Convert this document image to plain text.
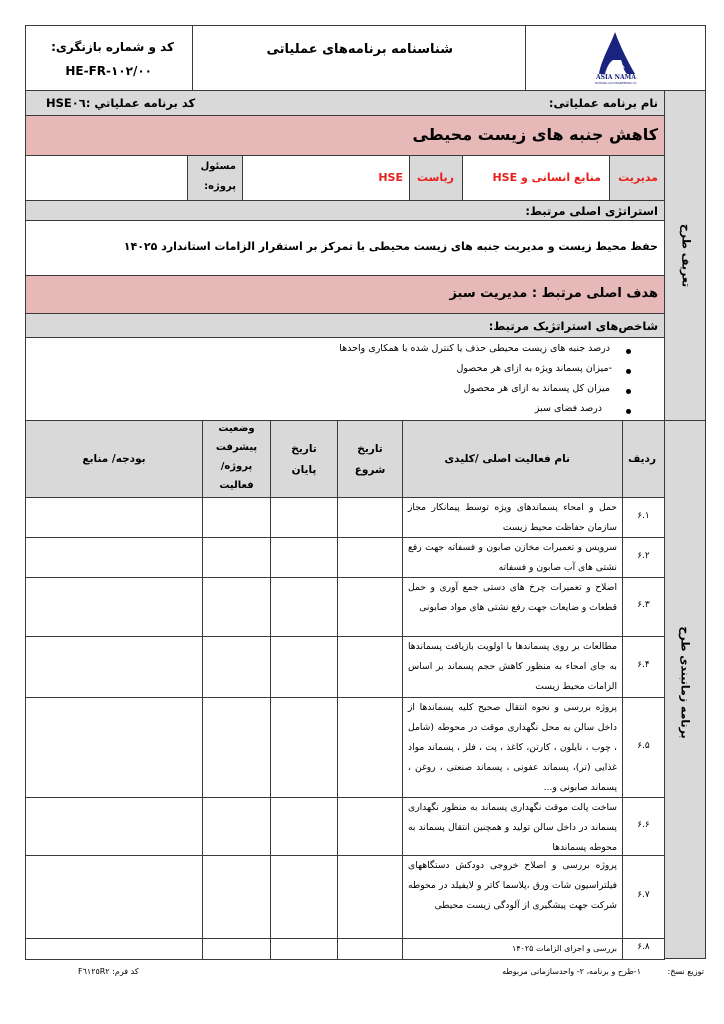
کد و شماره بازنگری:
HE-FR-۱۰۲/۰۰
شناسنامه برنامه‌های عملیاتی
ASIA NAMA
NATIONAL GAS ENGINEERING CO.
تعریف طرح
نام برنامه عملیاتی:
کد برنامه عملیاتي :HSE۰٦
کاهش جنبه های زیست محیطی
مسئول
پروژه:
HSE ریاست	منابع انسانی و HSE مدیریت
استراتژی اصلی مرتبط:
حفظ محیط زیست و مدیریت جنبه های زیست محیطی با تمرکز بر استقرار الزامات استاندارد ۱۴۰۲۵
هدف اصلی مرتبط : مدیریت سبز
شاخص‌های استراتژیک مرتبط:
درصد جنبه های زیست محیطی حذف یا کنترل شده با همکاری واحدها
-میزان پسماند ویژه به ازای هر محصول
میزان کل پسماند به ازای هر محصول
درصد فضای سبز
برنامه زمانبندی طرح
ردیف
نام فعالیت اصلی /کلیدی
تاریخ
شروع
تاریخ
پایان
وضعیت
پیشرفت
پروژه/
فعالیت
بودجه/ منابع
۶.۱
حمل و امحاء پسماندهای ویژه توسط پیمانکار مجاز سازمان حفاظت محیط زیست
۶.۲
سرویس و تعمیرات مخازن صابون و فسفاته جهت رفع نشتی های آب صابون و فسفاته
۶.۳
اصلاح و تعمیرات چرخ های دستی جمع آوری و حمل قطعات و ضایعات جهت رفع نشتی های مواد صابونی
۶.۴
مطالعات بر روی پسماندها با اولویت بازیافت پسماندها به جای امحاء به منظور کاهش حجم پسماند بر اساس الزامات محیط زیست
۶.۵
پروژه بررسی و نحوه انتقال صحیح کلیه پسماندها از داخل سالن به محل نگهداری موقت در محوطه (شامل ، چوب ، نایلون ، کارتن، کاغذ ، پت ، فلز ، پسماند مواد غذایی (تر)، پسماند عفونی ، پسماند صنعتی ، روغن ، پسماند صابونی و...
۶.۶
ساخت پالت موقت نگهداری پسماند به منظور نگهداری پسماند در داخل سالن تولید و همچنین انتقال پسماند به محوطه پسماندها
۶.۷
پروژه بررسی و اصلاح خروجی دودکش دستگاههای فیلتراسیون شات ورق ،پلاسما کاتر و لایفیلد در محوطه شرکت جهت پیشگیری از آلودگی زیست محیطی
۶.۸
بررسی و اجرای الزامات ۱۴۰۲۵
توزیع نسخ:
۱-طرح و برنامه، ۲- واحدسازمانی مربوطه
کد فرم: F٦١٢٥R٢
